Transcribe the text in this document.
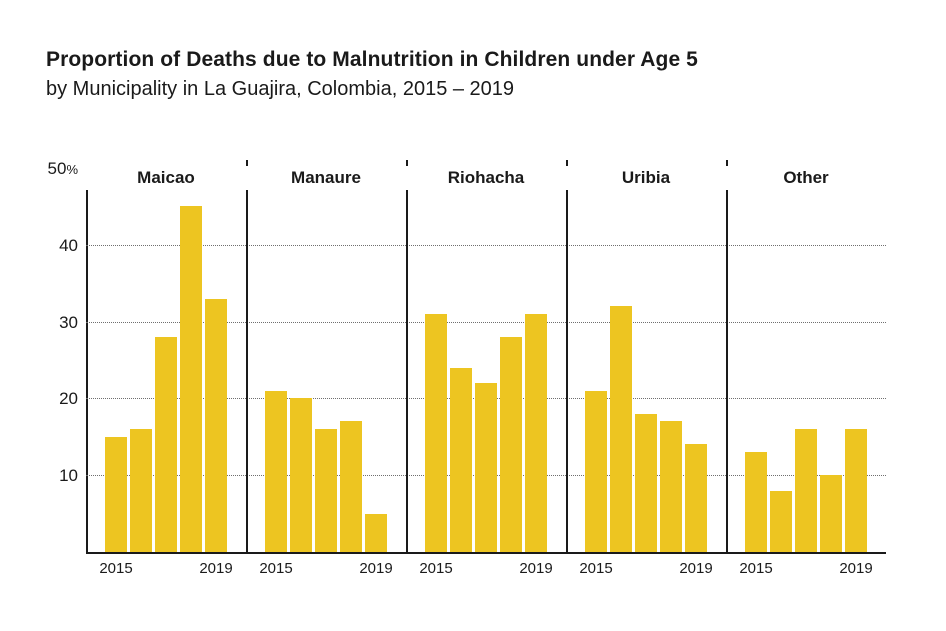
Proportion of Deaths due to Malnutrition in Children under Age 5
by Municipality in La Guajira, Colombia, 2015 – 2019
10
20
30
40
50%	Maicao
2015	2019
Manaure
2015	2019
Riohacha
2015	2019
Uribia
2015	2019
Other
2015	2019
